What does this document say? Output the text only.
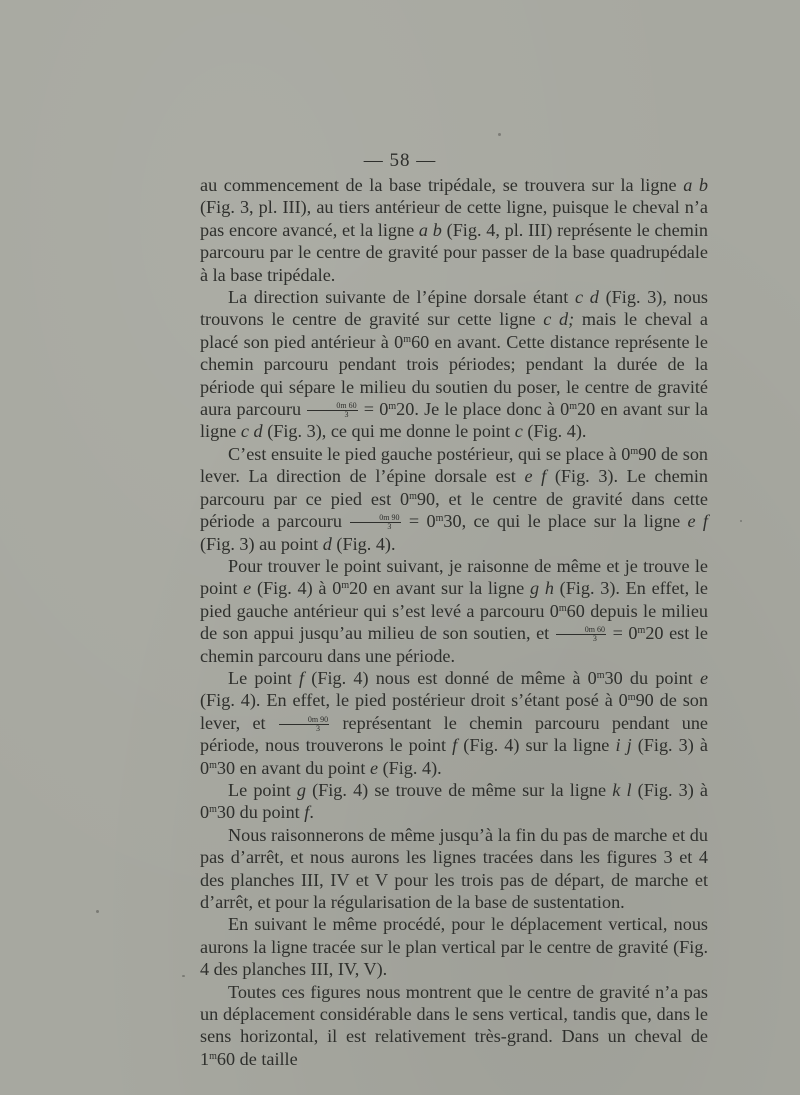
— 58 —

au commencement de la base tripédale, se trouvera sur la ligne a b (Fig. 3, pl. III), au tiers antérieur de cette ligne, puisque le cheval n’a pas encore avancé, et la ligne a b (Fig. 4, pl. III) représente le chemin parcouru par le centre de gravité pour passer de la base quadrupédale à la base tripédale.

La direction suivante de l’épine dorsale étant c d (Fig. 3), nous trouvons le centre de gravité sur cette ligne c d; mais le cheval a placé son pied antérieur à 0$^m$60 en avant. Cette distance représente le chemin parcouru pendant trois périodes; pendant la durée de la période qui sépare le milieu du soutien du poser, le centre de gravité aura parcouru $\frac{0m 60}{3} = 0^m20$. Je le place donc à 0$^m$20 en avant sur la ligne c d (Fig. 3), ce qui me donne le point c (Fig. 4).

C’est ensuite le pied gauche postérieur, qui se place à 0$^m$90 de son lever. La direction de l’épine dorsale est e f (Fig. 3). Le chemin parcouru par ce pied est 0$^m$90, et le centre de gravité dans cette période a parcouru $\frac{0m 90}{3} = 0^m30$, ce qui le place sur la ligne e f (Fig. 3) au point d (Fig. 4).

Pour trouver le point suivant, je raisonne de même et je trouve le point e (Fig. 4) à 0$^m$20 en avant sur la ligne g h (Fig. 3). En effet, le pied gauche antérieur qui s’est levé a parcouru 0$^m$60 depuis le milieu de son appui jusqu’au milieu de son soutien, et $\frac{0m 60}{3} = 0^m20$ est le chemin parcouru dans une période.

Le point f (Fig. 4) nous est donné de même à 0$^m$30 du point e (Fig. 4). En effet, le pied postérieur droit s’étant posé à 0$^m$90 de son lever, et $\frac{0m 90}{3}$ représentant le chemin parcouru pendant une période, nous trouverons le point f (Fig. 4) sur la ligne i j (Fig. 3) à 0$^m$30 en avant du point e (Fig. 4).

Le point g (Fig. 4) se trouve de même sur la ligne k l (Fig. 3) à 0$^m$30 du point f.

Nous raisonnerons de même jusqu’à la fin du pas de marche et du pas d’arrêt, et nous aurons les lignes tracées dans les figures 3 et 4 des planches III, IV et V pour les trois pas de départ, de marche et d’arrêt, et pour la régularisation de la base de sustentation.

En suivant le même procédé, pour le déplacement vertical, nous aurons la ligne tracée sur le plan vertical par le centre de gravité (Fig. 4 des planches III, IV, V).

Toutes ces figures nous montrent que le centre de gravité n’a pas un déplacement considérable dans le sens vertical, tandis que, dans le sens horizontal, il est relativement très-grand. Dans un cheval de 1$^m$60 de taille
